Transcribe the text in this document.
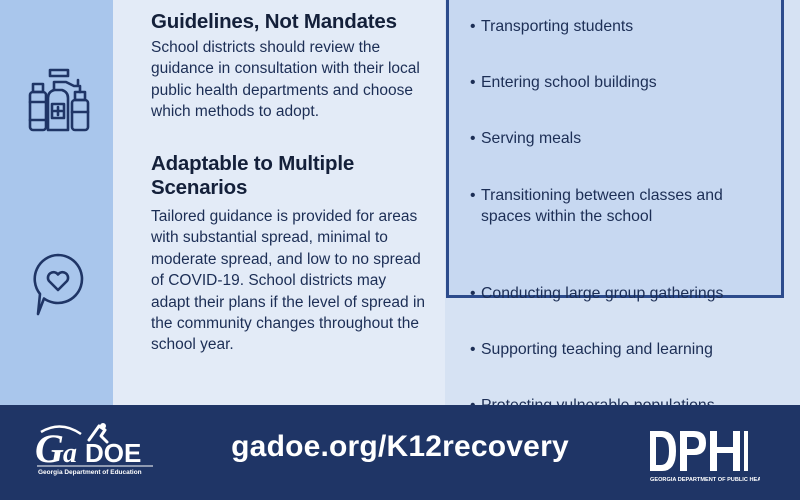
Guidelines, Not Mandates
School districts should review the guidance in consultation with their local public health departments and choose which methods to adopt.
Adaptable to Multiple Scenarios
Tailored guidance is provided for areas with substantial spread, minimal to moderate spread, and low to no spread of COVID-19. School districts may adapt their plans if the level of spread in the community changes throughout the school year.
• Transporting students
• Entering school buildings
• Serving meals
• Transitioning between classes and spaces within the school
• Conducting large group gatherings
• Supporting teaching and learning
•
gadoe.org/K12recovery
G a DOE
Georgia Department of Education
GEORGIA DEPARTMENT OF PUBLIC HEALTH
